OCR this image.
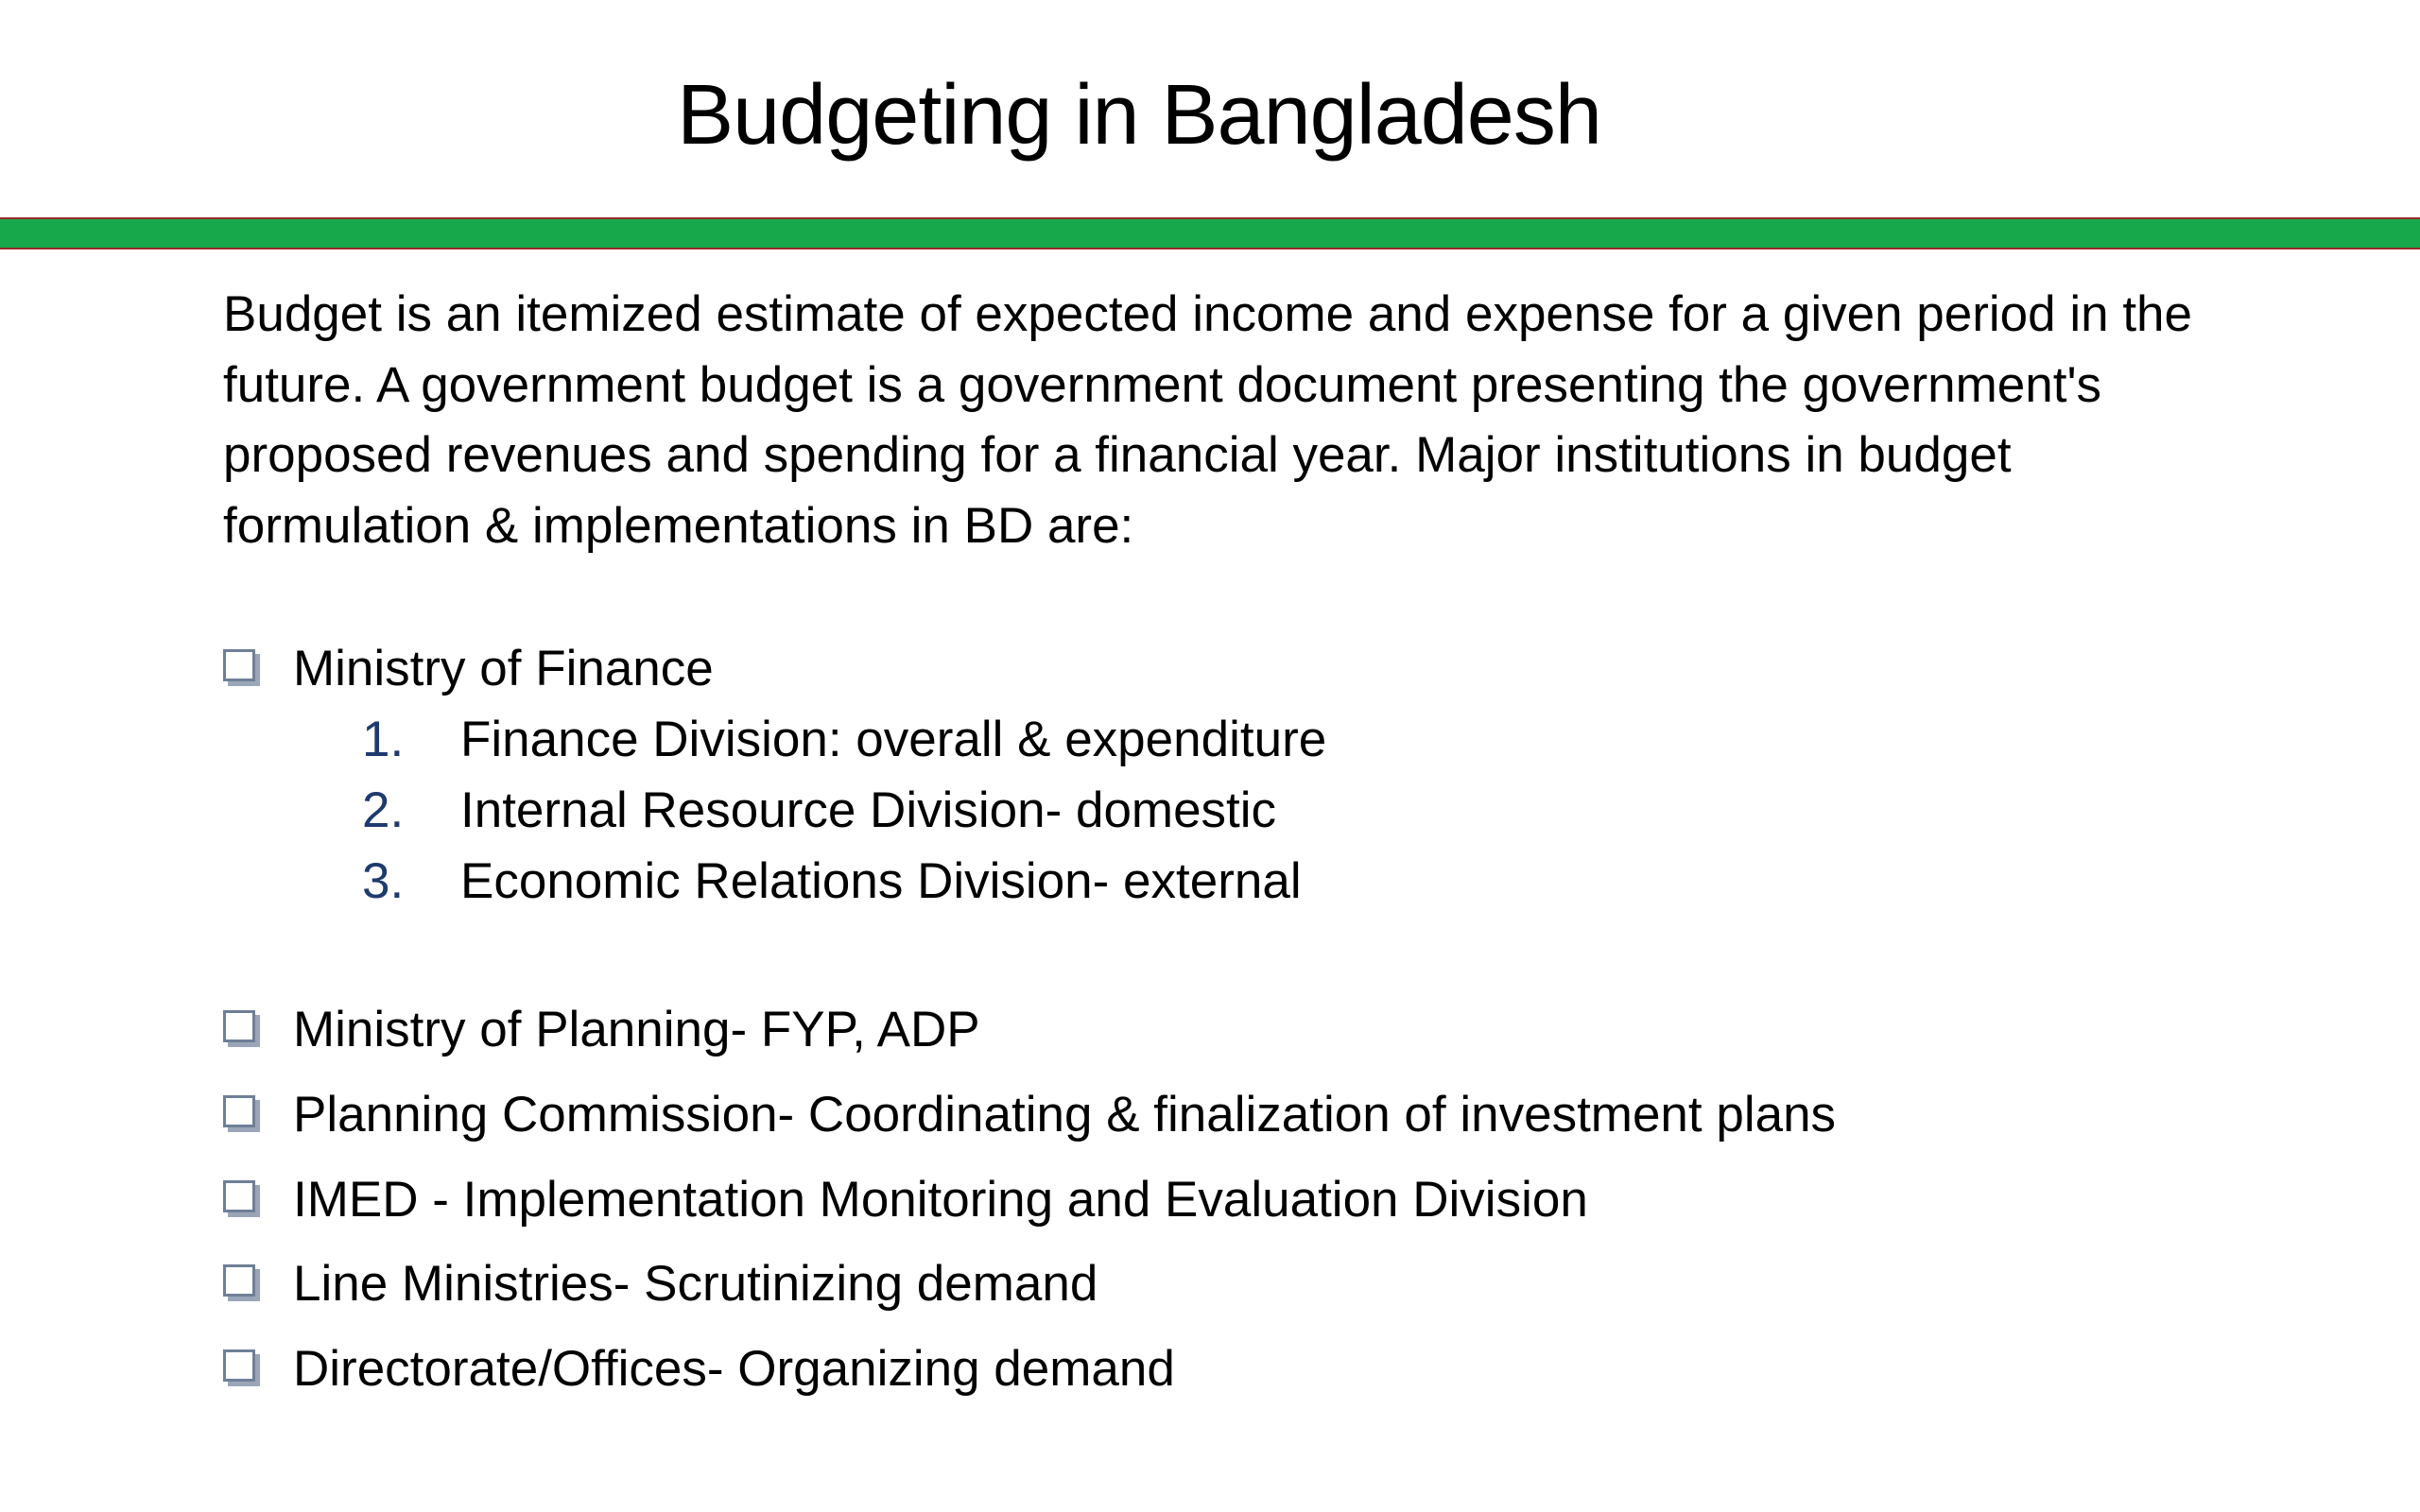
Budgeting in Bangladesh

Budget is an itemized estimate of expected income and expense for a given period in the future. A government budget is a government document presenting the government's proposed revenues and spending for a financial year. Major institutions in budget formulation & implementations in BD are:

Ministry of Finance
1. Finance Division: overall & expenditure
2. Internal Resource Division- domestic
3. Economic Relations Division- external
Ministry of Planning- FYP, ADP
Planning Commission- Coordinating & finalization of investment plans
IMED - Implementation Monitoring and Evaluation Division
Line Ministries- Scrutinizing demand
Directorate/Offices- Organizing demand
